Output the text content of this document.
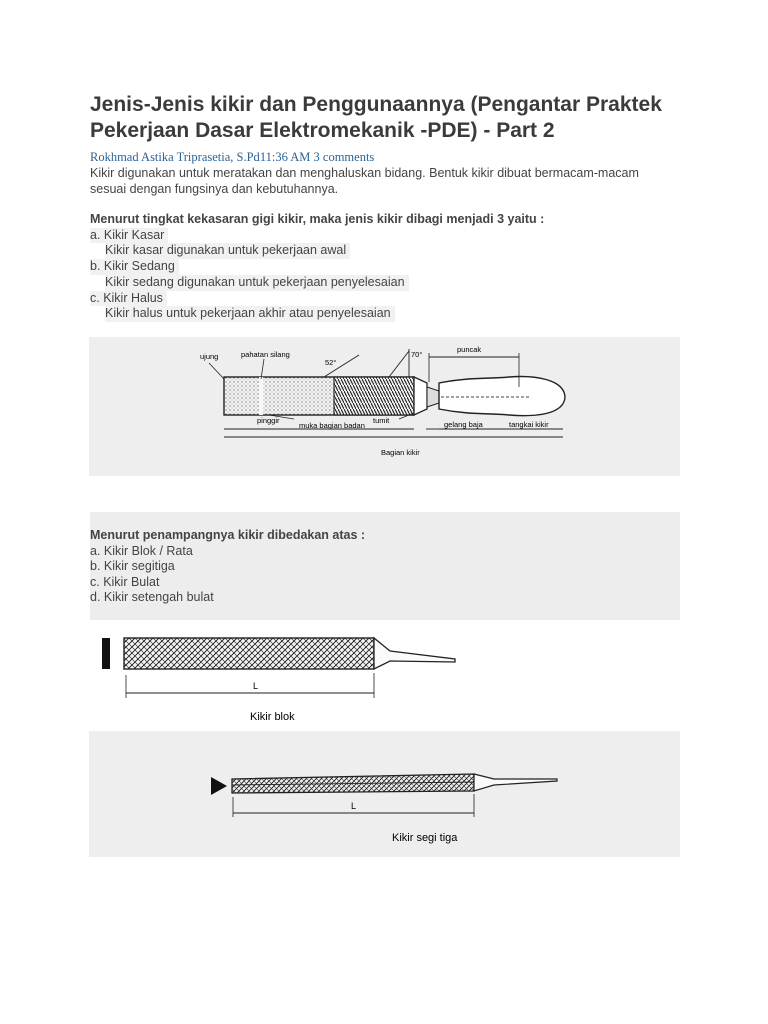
Jenis-Jenis kikir dan Penggunaannya (Pengantar Praktek Pekerjaan Dasar Elektromekanik -PDE) - Part 2
Rokhmad Astika Triprasetia, S.Pd11:36 AM 3 comments
Kikir digunakan untuk meratakan dan menghaluskan bidang. Bentuk kikir dibuat bermacam-macam
sesuai dengan fungsinya dan kebutuhannya.
Menurut tingkat kekasaran gigi kikir, maka jenis kikir dibagi menjadi 3 yaitu :
a. Kikir Kasar
Kikir kasar digunakan untuk pekerjaan awal
b. Kikir Sedang
Kikir sedang digunakan untuk pekerjaan penyelesaian
c. Kikir Halus
Kikir halus untuk pekerjaan akhir atau penyelesaian
ujung	pahatan silang
52°
70°
puncak
pinggir
muka bagian badan
tumit	gelang baja	tangkai kikir
Bagian kikir
Menurut penampangnya kikir dibedakan atas :
a. Kikir Blok / Rata
b. Kikir segitiga
c. Kikir Bulat
d. Kikir setengah bulat
L
Kikir blok
L
Kikir segi tiga
